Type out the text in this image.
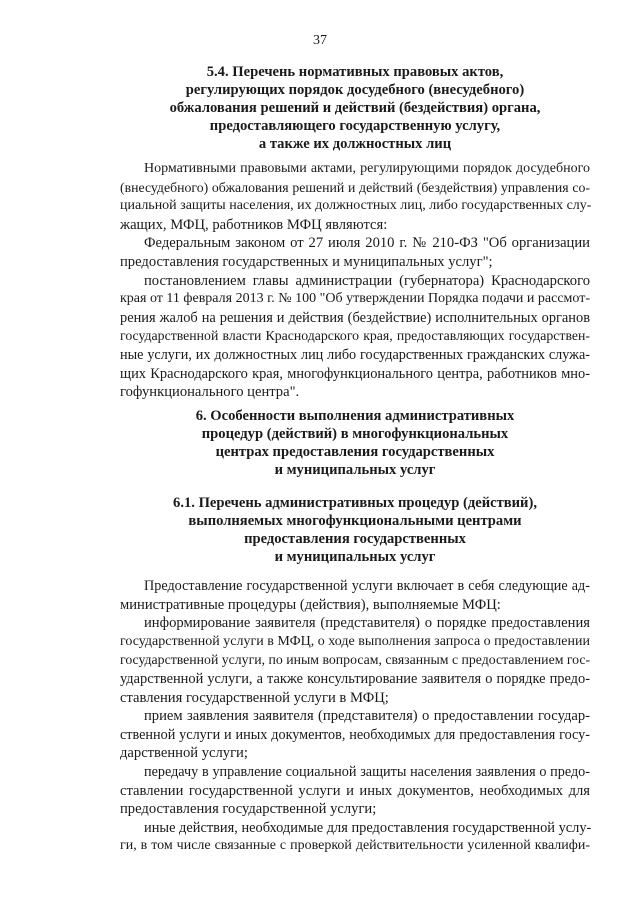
37
5.4. Перечень нормативных правовых актов,
регулирующих порядок досудебного (внесудебного)
обжалования решений и действий (бездействия) органа,
предоставляющего государственную услугу,
а также их должностных лиц
Нормативными правовыми актами, регулирующими порядок досудебного
(внесудебного) обжалования решений и действий (бездействия) управления со-
циальной защиты населения, их должностных лиц, либо государственных слу-
жащих, МФЦ, работников МФЦ являются:
Федеральным законом от 27 июля 2010 г. № 210-ФЗ "Об организации
предоставления государственных и муниципальных услуг";
постановлением главы администрации (губернатора) Краснодарского
края от 11 февраля 2013 г. № 100 "Об утверждении Порядка подачи и рассмот-
рения жалоб на решения и действия (бездействие) исполнительных органов
государственной власти Краснодарского края, предоставляющих государствен-
ные услуги, их должностных лиц либо государственных гражданских служа-
щих Краснодарского края, многофункционального центра, работников мно-
гофункционального центра".
6. Особенности выполнения административных
процедур (действий) в многофункциональных
центрах предоставления государственных
и муниципальных услуг
6.1. Перечень административных процедур (действий),
выполняемых многофункциональными центрами
предоставления государственных
и муниципальных услуг
Предоставление государственной услуги включает в себя следующие ад-
министративные процедуры (действия), выполняемые МФЦ:
информирование заявителя (представителя) о порядке предоставления
государственной услуги в МФЦ, о ходе выполнения запроса о предоставлении
государственной услуги, по иным вопросам, связанным с предоставлением гос-
ударственной услуги, а также консультирование заявителя о порядке предо-
ставления государственной услуги в МФЦ;
прием заявления заявителя (представителя) о предоставлении государ-
ственной услуги и иных документов, необходимых для предоставления госу-
дарственной услуги;
передачу в управление социальной защиты населения заявления о предо-
ставлении государственной услуги и иных документов, необходимых для
предоставления государственной услуги;
иные действия, необходимые для предоставления государственной услу-
ги, в том числе связанные с проверкой действительности усиленной квалифи-
